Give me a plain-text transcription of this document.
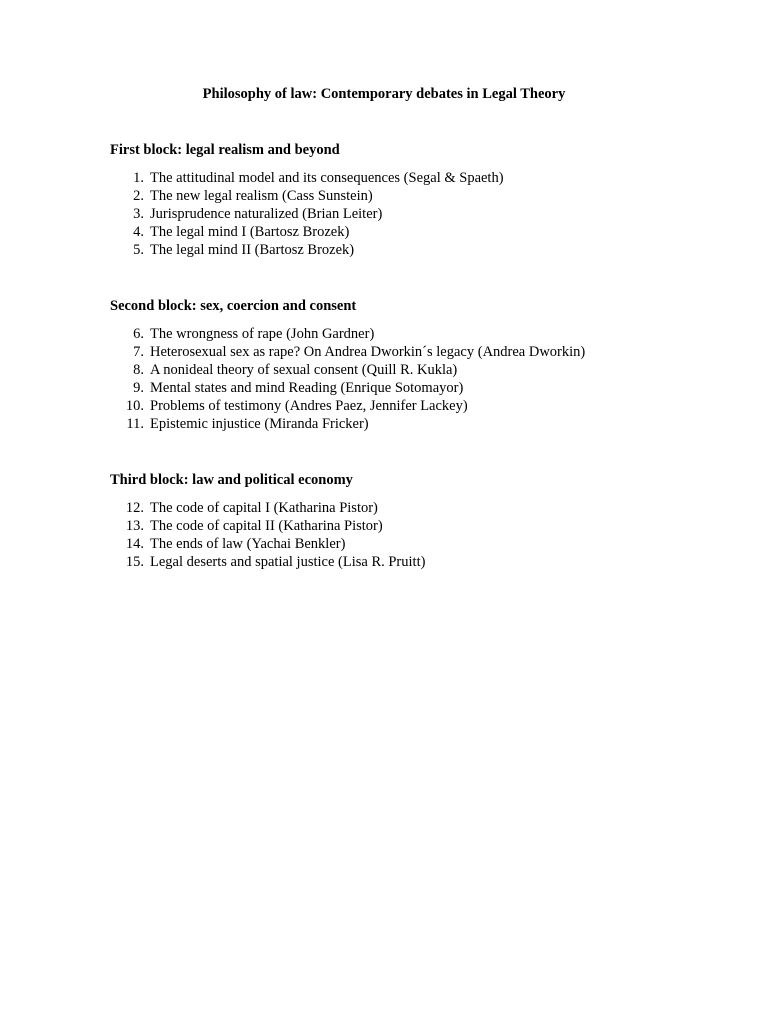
Philosophy of law: Contemporary debates in Legal Theory
First block: legal realism and beyond
1. The attitudinal model and its consequences (Segal & Spaeth)
2. The new legal realism (Cass Sunstein)
3. Jurisprudence naturalized (Brian Leiter)
4. The legal mind I (Bartosz Brozek)
5. The legal mind II (Bartosz Brozek)
Second block: sex, coercion and consent
6. The wrongness of rape (John Gardner)
7. Heterosexual sex as rape? On Andrea Dworkin´s legacy (Andrea Dworkin)
8. A nonideal theory of sexual consent (Quill R. Kukla)
9. Mental states and mind Reading (Enrique Sotomayor)
10. Problems of testimony (Andres Paez, Jennifer Lackey)
11. Epistemic injustice (Miranda Fricker)
Third block: law and political economy
12. The code of capital I (Katharina Pistor)
13. The code of capital II (Katharina Pistor)
14. The ends of law (Yachai Benkler)
15. Legal deserts and spatial justice (Lisa R. Pruitt)
